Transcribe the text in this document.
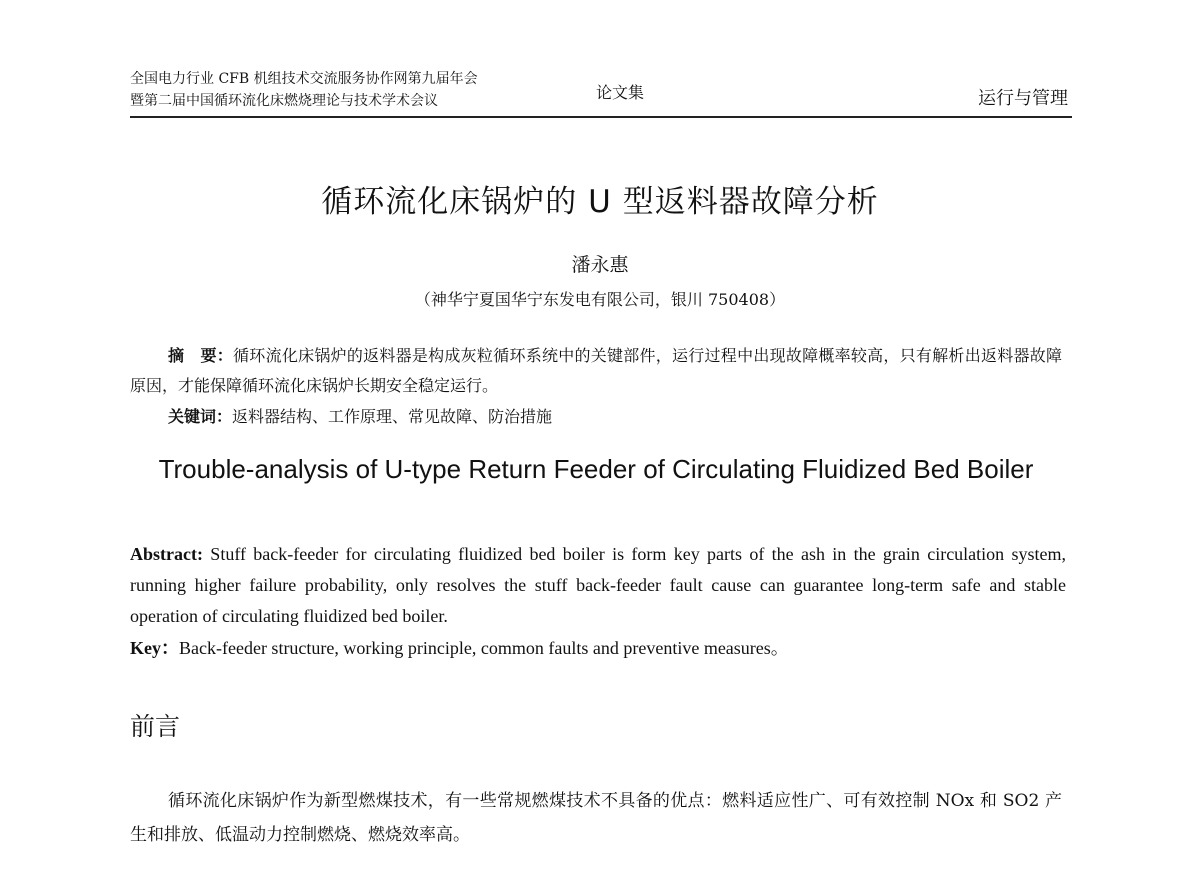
全国电力行业 CFB 机组技术交流服务协作网第九届年会
暨第二届中国循环流化床燃烧理论与技术学术会议	论文集	运行与管理
循环流化床锅炉的 U 型返料器故障分析
潘永惠
（神华宁夏国华宁东发电有限公司，银川 750408）
摘　要：循环流化床锅炉的返料器是构成灰粒循环系统中的关键部件，运行过程中出现故障概率较高，只有解析出返料器故障原因，才能保障循环流化床锅炉长期安全稳定运行。
关键词：返料器结构、工作原理、常见故障、防治措施
Trouble-analysis of U-type Return Feeder of Circulating Fluidized Bed Boiler
Abstract: Stuff back-feeder for circulating fluidized bed boiler is form key parts of the ash in the grain circulation system, running higher failure probability, only resolves the stuff back-feeder fault cause can guarantee long-term safe and stable operation of circulating fluidized bed boiler.
Key：Back-feeder structure, working principle, common faults and preventive measures。
前言
循环流化床锅炉作为新型燃煤技术，有一些常规燃煤技术不具备的优点：燃料适应性广、可有效控制 NOx 和 SO2 产生和排放、低温动力控制燃烧、燃烧效率高。
